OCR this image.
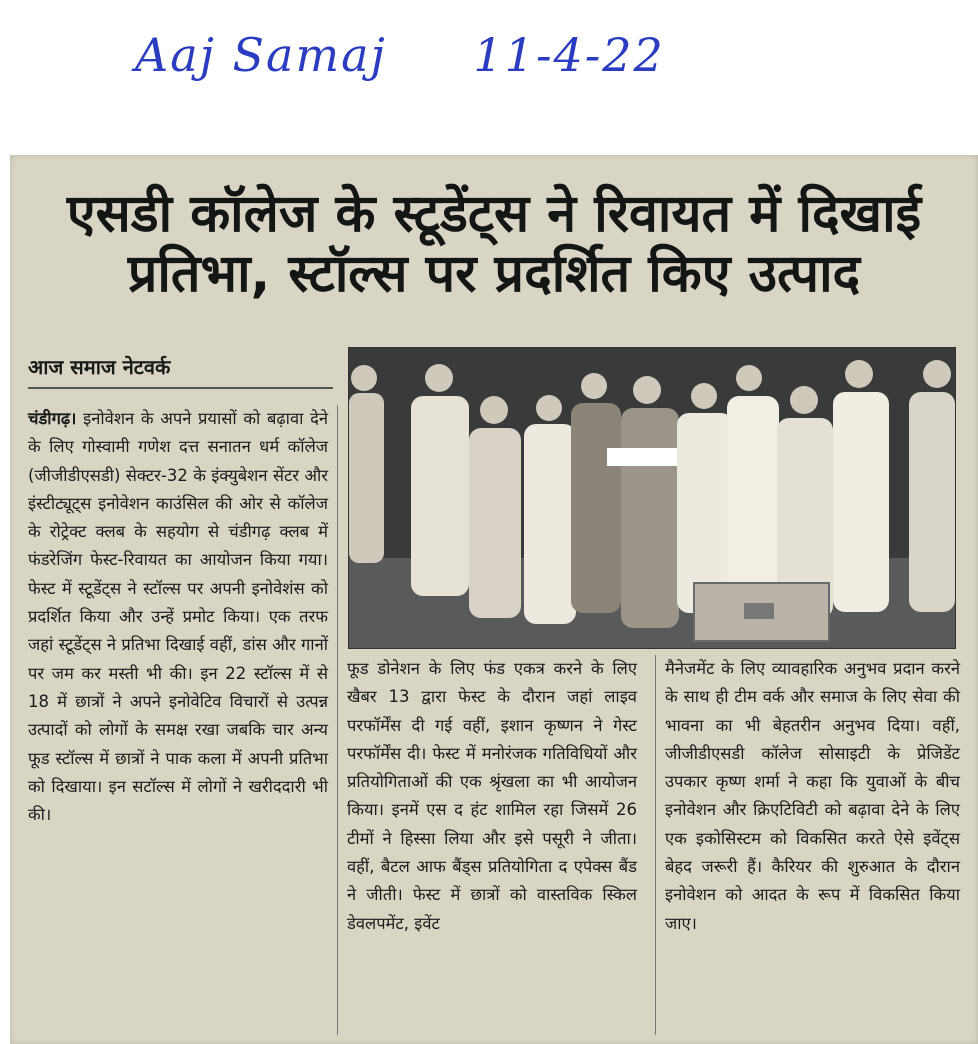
Aaj Samaj 11-4-22
एसडी कॉलेज के स्टूडेंट्स ने रिवायत में दिखाई
प्रतिभा, स्टॉल्स पर प्रदर्शित किए उत्पाद
आज समाज नेटवर्क
चंडीगढ़। इनोवेशन के अपने प्रयासों को बढ़ावा देने के लिए गोस्वामी गणेश दत्त सनातन धर्म कॉलेज (जीजीडीएसडी) सेक्टर-32 के इंक्युबेशन सेंटर और इंस्टीट्यूट्स इनोवेशन काउंसिल की ओर से कॉलेज के रोट्रेक्ट क्लब के सहयोग से चंडीगढ़ क्लब में फंडरेजिंग फेस्ट-रिवायत का आयोजन किया गया। फेस्ट में स्टूडेंट्स ने स्टॉल्स पर अपनी इनोवेशंस को प्रदर्शित किया और उन्हें प्रमोट किया। एक तरफ जहां स्टूडेंट्स ने प्रतिभा दिखाई वहीं, डांस और गानों पर जम कर मस्ती भी की। इन 22 स्टॉल्स में से 18 में छात्रों ने अपने इनोवेटिव विचारों से उत्पन्न उत्पादों को लोगों के समक्ष रखा जबकि चार अन्य फूड स्टॉल्स में छात्रों ने पाक कला में अपनी प्रतिभा को दिखाया। इन सटॉल्स में लोगों ने खरीददारी भी की।
फूड डोनेशन के लिए फंड एकत्र करने के लिए खैबर 13 द्वारा फेस्ट के दौरान जहां लाइव परफॉर्मेंस दी गई वहीं, इशान कृष्णन ने गेस्ट परफॉर्मेंस दी। फेस्ट में मनोरंजक गतिविधियों और प्रतियोगिताओं की एक श्रृंखला का भी आयोजन किया। इनमें एस द हंट शामिल रहा जिसमें 26 टीमों ने हिस्सा लिया और इसे पसूरी ने जीता। वहीं, बैटल आफ बैंड्स प्रतियोगिता द एपेक्स बैंड ने जीती। फेस्ट में छात्रों को वास्तविक स्किल डेवलपमेंट, इवेंट
मैनेजमेंट के लिए व्यावहारिक अनुभव प्रदान करने के साथ ही टीम वर्क और समाज के लिए सेवा की भावना का भी बेहतरीन अनुभव दिया। वहीं, जीजीडीएसडी कॉलेज सोसाइटी के प्रेजिडेंट उपकार कृष्ण शर्मा ने कहा कि युवाओं के बीच इनोवेशन और क्रिएटिविटी को बढ़ावा देने के लिए एक इकोसिस्टम को विकसित करते ऐसे इवेंट्स बेहद जरूरी हैं। कैरियर की शुरुआत के दौरान इनोवेशन को आदत के रूप में विकसित किया जाए।
